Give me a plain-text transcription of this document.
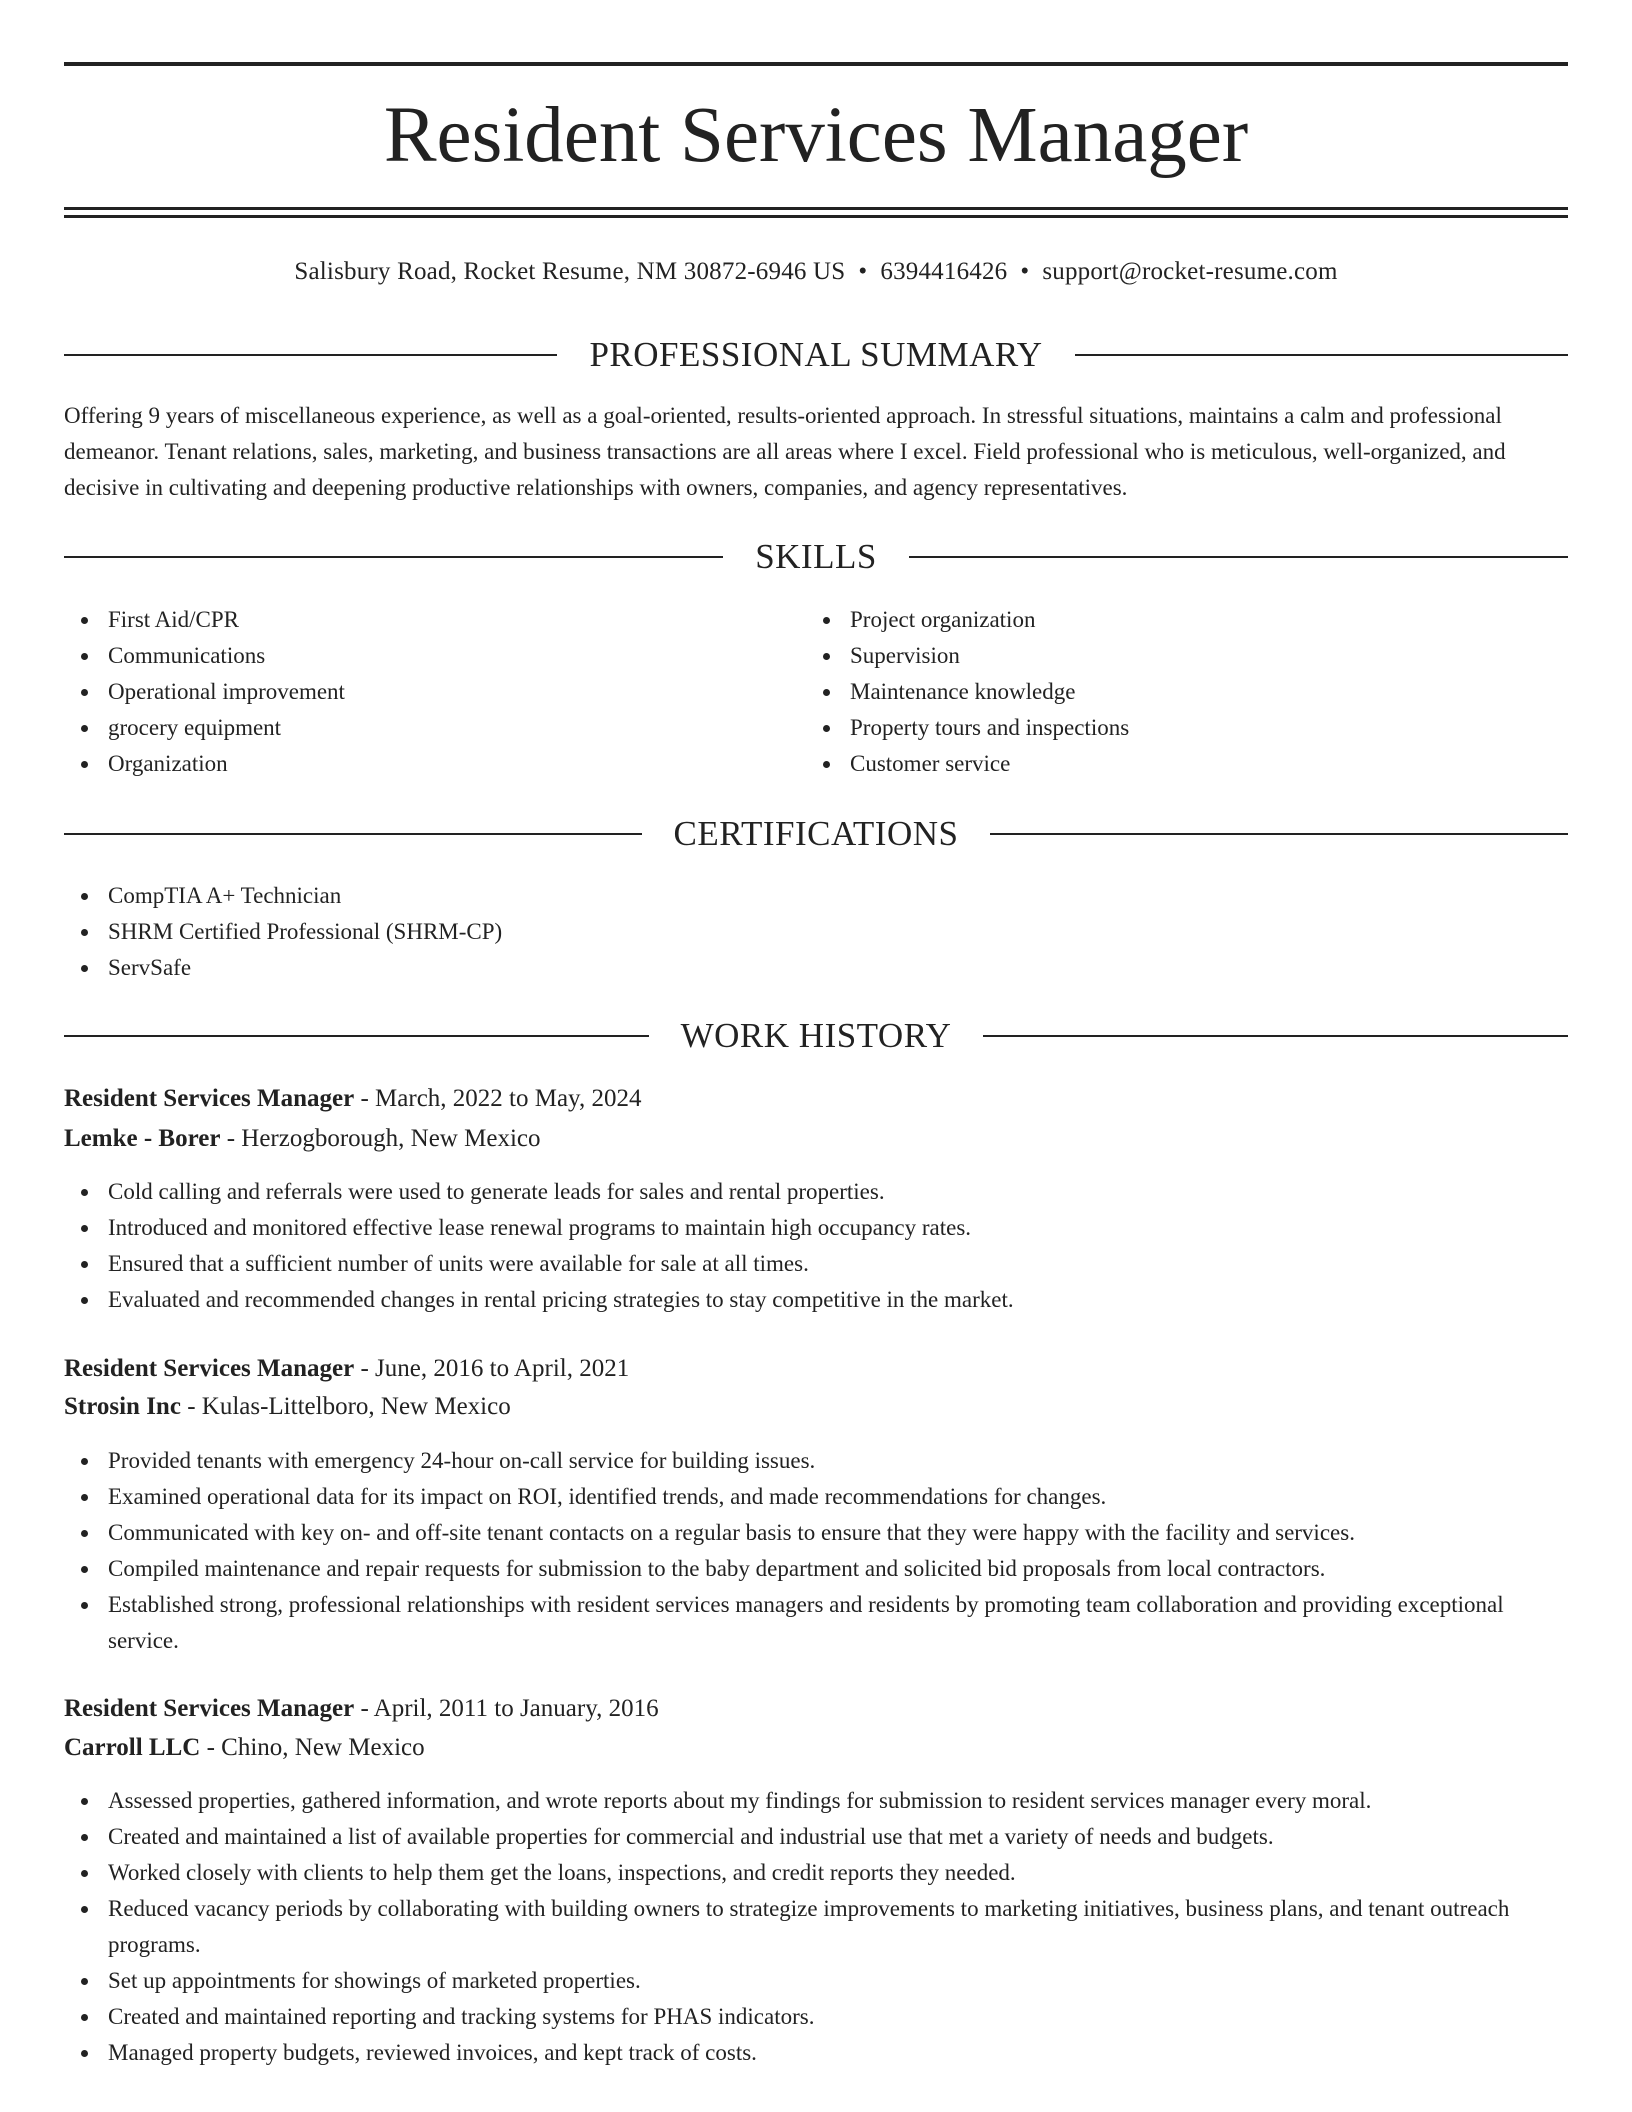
Resident Services Manager
Salisbury Road, Rocket Resume, NM 30872-6946 US • 6394416426 • support@rocket-resume.com
PROFESSIONAL SUMMARY

Offering 9 years of miscellaneous experience, as well as a goal-oriented, results-oriented approach. In stressful situations, maintains a calm and professional demeanor. Tenant relations, sales, marketing, and business transactions are all areas where I excel. Field professional who is meticulous, well-organized, and decisive in cultivating and deepening productive relationships with owners, companies, and agency representatives.

SKILLS
First Aid/CPR
Communications
Operational improvement
grocery equipment
Organization
Project organization
Supervision
Maintenance knowledge
Property tours and inspections
Customer service
CERTIFICATIONS
CompTIA A+ Technician
SHRM Certified Professional (SHRM-CP)
ServSafe
WORK HISTORY
Resident Services Manager - March, 2022 to May, 2024
Lemke - Borer - Herzogborough, New Mexico
Cold calling and referrals were used to generate leads for sales and rental properties.
Introduced and monitored effective lease renewal programs to maintain high occupancy rates.
Ensured that a sufficient number of units were available for sale at all times.
Evaluated and recommended changes in rental pricing strategies to stay competitive in the market.
Resident Services Manager - June, 2016 to April, 2021
Strosin Inc - Kulas-Littelboro, New Mexico
Provided tenants with emergency 24-hour on-call service for building issues.
Examined operational data for its impact on ROI, identified trends, and made recommendations for changes.
Communicated with key on- and off-site tenant contacts on a regular basis to ensure that they were happy with the facility and services.
Compiled maintenance and repair requests for submission to the baby department and solicited bid proposals from local contractors.
Established strong, professional relationships with resident services managers and residents by promoting team collaboration and providing exceptional service.
Resident Services Manager - April, 2011 to January, 2016
Carroll LLC - Chino, New Mexico
Assessed properties, gathered information, and wrote reports about my findings for submission to resident services manager every moral.
Created and maintained a list of available properties for commercial and industrial use that met a variety of needs and budgets.
Worked closely with clients to help them get the loans, inspections, and credit reports they needed.
Reduced vacancy periods by collaborating with building owners to strategize improvements to marketing initiatives, business plans, and tenant outreach programs.
Set up appointments for showings of marketed properties.
Created and maintained reporting and tracking systems for PHAS indicators.
Managed property budgets, reviewed invoices, and kept track of costs.
